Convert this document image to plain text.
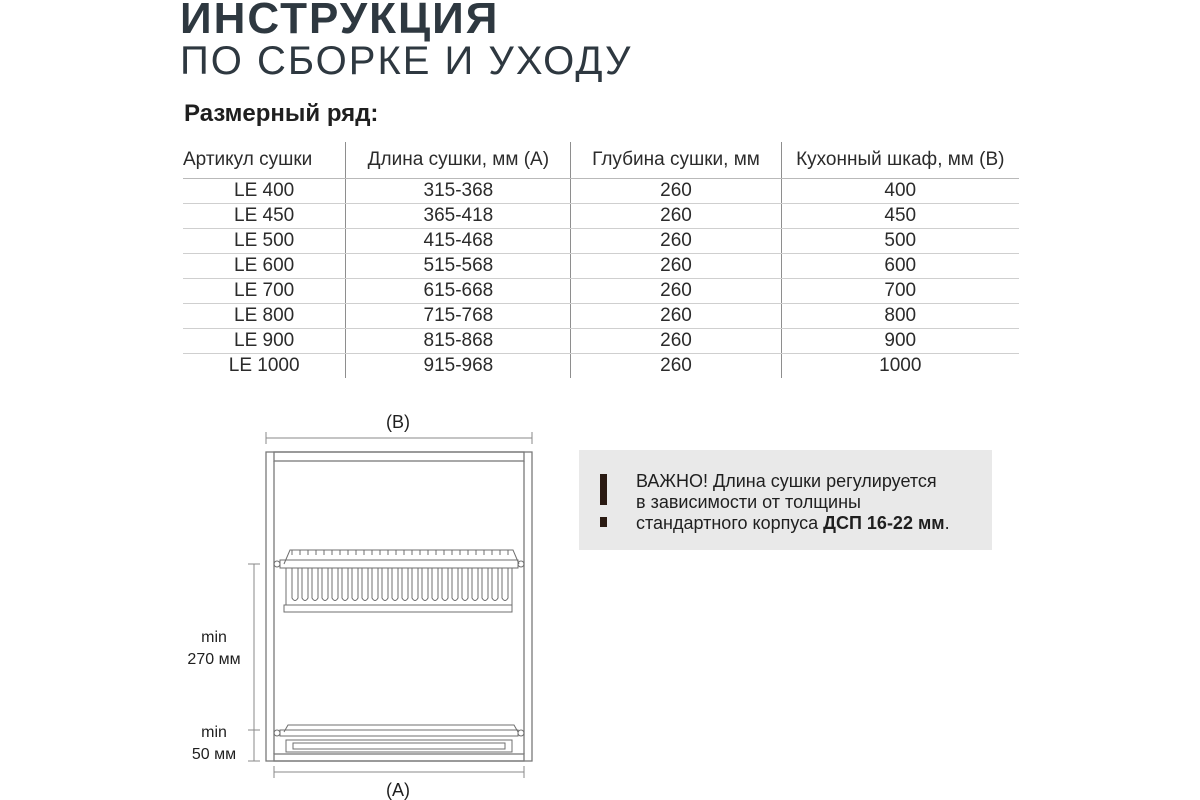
ИНСТРУКЦИЯ
ПО СБОРКЕ И УХОДУ
Размерный ряд:
Артикул сушки	Длина сушки, мм (А)	Глубина сушки, мм	Кухонный шкаф, мм (В)
LE 400	315-368	260	400
LE 450	365-418	260	450
LE 500	415-468	260	500
LE 600	515-568	260	600
LE 700	615-668	260	700
LE 800	715-768	260	800
LE 900	815-868	260	900
LE 1000	915-968	260	1000
(B)
min
270 мм
min
50 мм
(A)
ВАЖНО! Длина сушки регулируется
в зависимости от толщины
стандартного корпуса ДСП 16-22 мм.
